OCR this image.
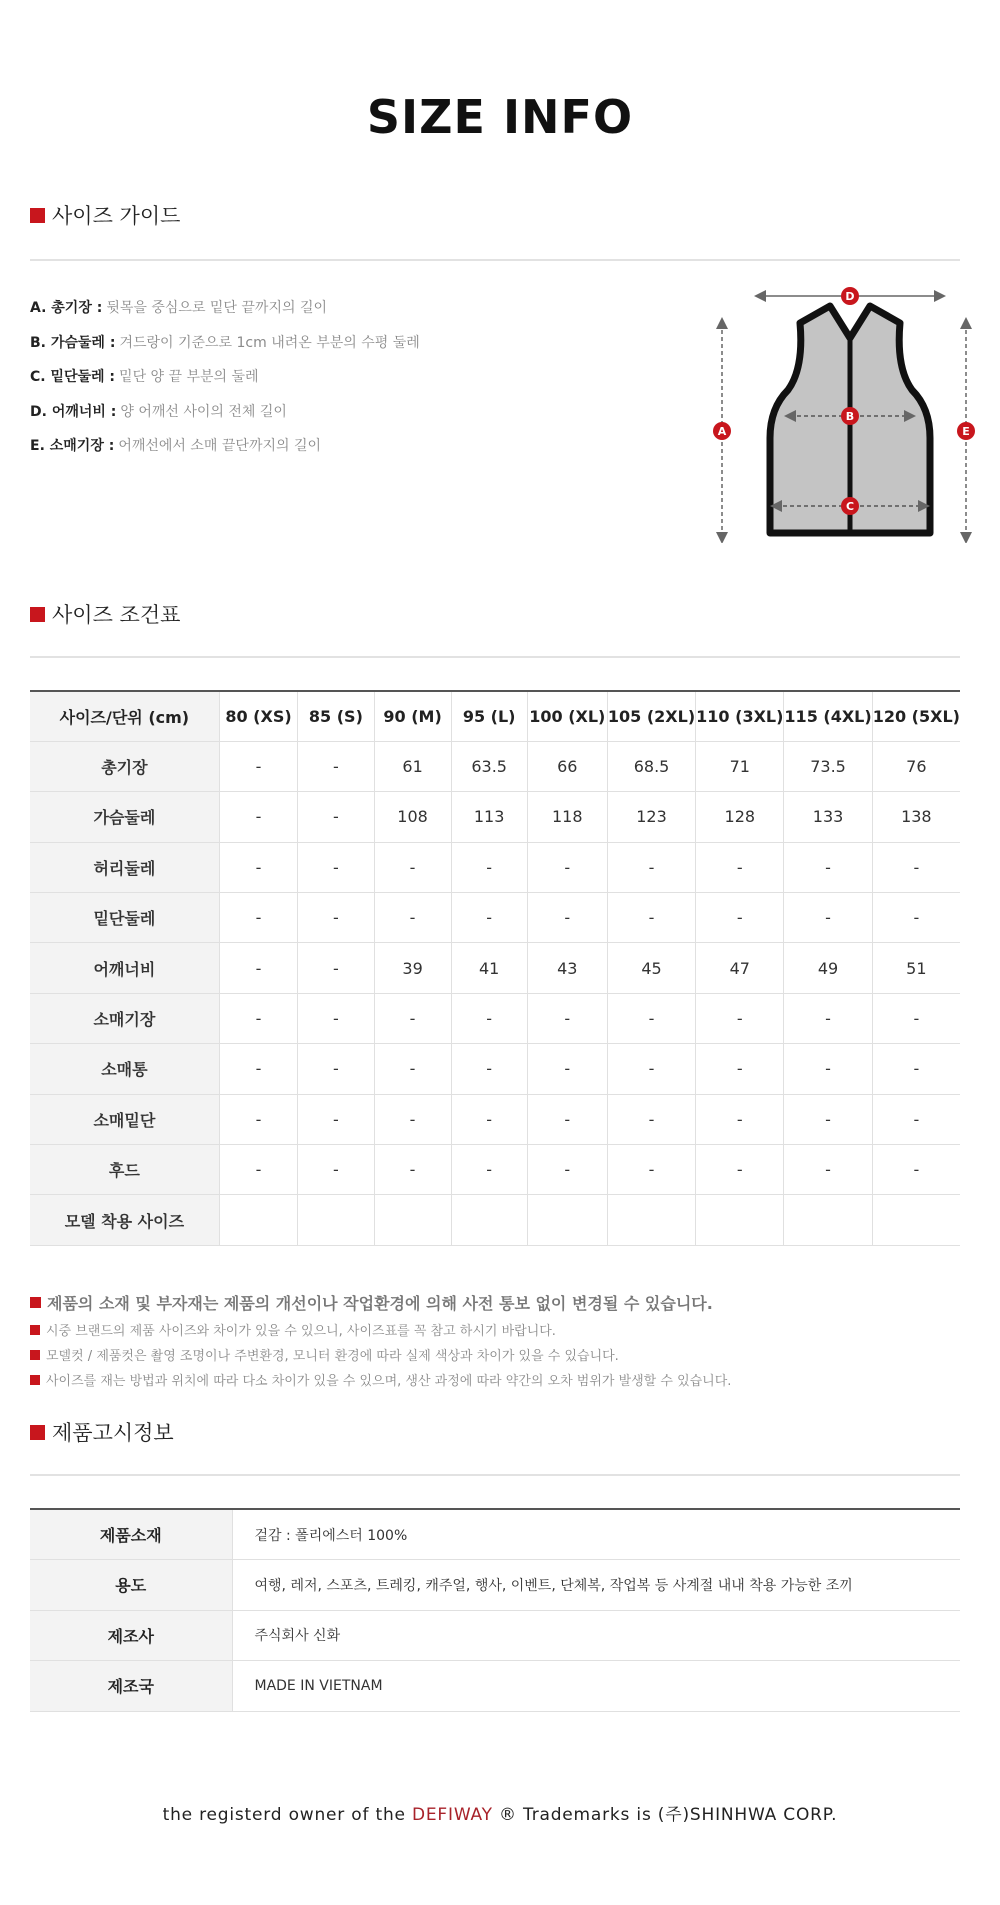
SIZE INFO
사이즈 가이드
A. 총기장 : 뒷목을 중심으로 밑단 끝까지의 길이
B. 가슴둘레 : 겨드랑이 기준으로 1cm 내려온 부분의 수평 둘레
C. 밑단둘레 : 밑단 양 끝 부분의 둘레
D. 어깨너비 : 양 어깨선 사이의 전체 길이
E. 소매기장 : 어깨선에서 소매 끝단까지의 길이
D
A	E
B
C
사이즈 조건표
사이즈/단위 (cm)	80 (XS)	85 (S)	90 (M)	95 (L)	100 (XL)	105 (2XL)	110 (3XL)	115 (4XL)	120 (5XL)
총기장	-	-	61	63.5	66	68.5	71	73.5	76
가슴둘레	-	-	108	113	118	123	128	133	138
허리둘레	-	-	-	-	-	-	-	-	-
밑단둘레	-	-	-	-	-	-	-	-	-
어깨너비	-	-	39	41	43	45	47	49	51
소매기장	-	-	-	-	-	-	-	-	-
소매통	-	-	-	-	-	-	-	-	-
소매밑단	-	-	-	-	-	-	-	-	-
후드	-	-	-	-	-	-	-	-	-
모델 착용 사이즈									
제품의 소재 및 부자재는 제품의 개선이나 작업환경에 의해 사전 통보 없이 변경될 수 있습니다.
시중 브랜드의 제품 사이즈와 차이가 있을 수 있으니, 사이즈표를 꼭 참고 하시기 바랍니다.
모델컷 / 제품컷은 촬영 조명이나 주변환경, 모니터 환경에 따라 실제 색상과 차이가 있을 수 있습니다.
사이즈를 재는 방법과 위치에 따라 다소 차이가 있을 수 있으며, 생산 과정에 따라 약간의 오차 범위가 발생할 수 있습니다.
제품고시정보
제품소재	겉감 : 폴리에스터 100%
용도	여행, 레저, 스포츠, 트레킹, 캐주얼, 행사, 이벤트, 단체복, 작업복 등 사계절 내내 착용 가능한 조끼
제조사	주식회사 신화
제조국	MADE IN VIETNAM
the registerd owner of the DEFIWAY ® Trademarks is (주)SHINHWA CORP.
